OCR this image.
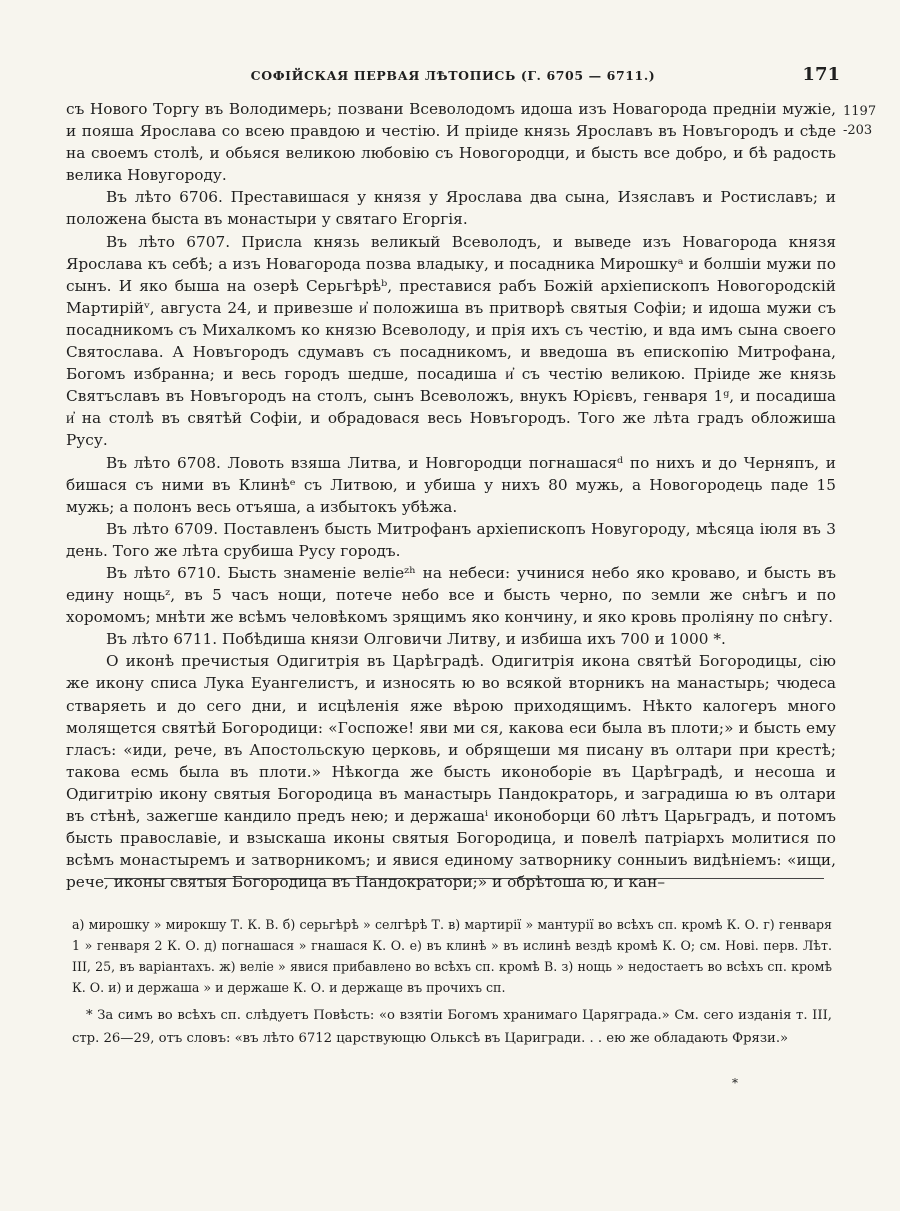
СОФІЙСКАЯ ПЕРВАЯ ЛѢТОПИСЬ (Г. 6705 — 6711.)	171
1197
-203

съ Нового Торгу въ Володимерь; позвани Всеволодомъ идоша изъ Новагорода предніи мужіе, и пояша Ярослава со всею правдою и честію. И пріиде князь Ярославъ въ Новъгородъ и сѣде на своемъ столѣ, и обьяся великою любовію съ Новогородци, и бысть все добро, и бѣ радость велика Новугороду.

Въ лѣто 6706. Преставишася у князя у Ярослава два сына, Изяславъ и Ростиславъ; и положена быста въ монастыри у святаго Егоргія.

Въ лѣто 6707. Присла князь великый Всеволодъ, и выведе изъ Новагорода князя Ярослава къ себѣ; а изъ Новагорода позва владыку, и посадника Мирошкуᵃ и болшіи мужи по сынъ. И яко быша на озерѣ Серьгѣрѣᵇ, преставися рабъ Божій архіепископъ Новогородскій Мартирійᵛ, августа 24, и привезше и҆ положиша въ притворѣ святыя Софіи; и идоша мужи съ посадникомъ съ Михалкомъ ко князю Всеволоду, и прія ихъ съ честію, и вда имъ сына своего Святослава. А Новъгородъ сдумавъ съ посадникомъ, и введоша въ епископію Митрофана, Богомъ избранна; и весь городъ шедше, посадиша и҆ съ честію великою. Пріиде же князь Святъславъ въ Новъгородъ на столъ, сынъ Всеволожъ, внукъ Юрієвъ, генваря 1ᵍ, и посадиша и҆ на столѣ въ святѣй Софіи, и обрадовася весь Новъгородъ. Того же лѣта градъ обложиша Русу.

Въ лѣто 6708. Ловоть взяша Литва, и Новгородци погнашасяᵈ по нихъ и до Черняпъ, и бишася съ ними въ Клинѣᵉ съ Литвою, и убиша у нихъ 80 мужь, а Новогородець паде 15 мужь; а полонъ весь отъяша, а избытокъ убѣжа.

Въ лѣто 6709. Поставленъ бысть Митрофанъ архіепископъ Новугороду, мѣсяца іюля въ 3 день. Того же лѣта срубиша Русу городъ.

Въ лѣто 6710. Бысть знаменіе веліеᶻʰ на небеси: учинися небо яко кроваво, и бысть въ едину нощьᶻ, въ 5 часъ нощи, потече небо все и бысть черно, по земли же снѣгъ и по хоромомъ; мнѣти же всѣмъ человѣкомъ зрящимъ яко кончину, и яко кровь проліяну по снѣгу.

Въ лѣто 6711. Побѣдиша князи Олговичи Литву, и избиша ихъ 700 и 1000 *.

О иконѣ пречистыя Одигитрія въ Царѣградѣ. Одигитрія икона святѣй Богородицы, сію же икону списа Лука Еуангелистъ, и износять ю во всякой вторникъ на манастырь; чюдеса стваряеть и до сего дни, и исцѣленія яже вѣрою приходящимъ. Нѣкто калогеръ много молящется святѣй Богородици: «Госпоже! яви ми ся, какова еси была въ плоти;» и бысть ему гласъ: «иди, рече, въ Апостольскую церковь, и обрящеши мя писану въ олтари при крестѣ; такова есмь была въ плоти.» Нѣкогда же бысть иконоборіе въ Царѣградѣ, и несоша и Одигитрію икону святыя Богородица въ манастырь Пандократорь, и заградиша ю въ олтари въ стѣнѣ, зажегше кандило предъ нею; и держашаⁱ иконоборци 60 лѣтъ Царьградъ, и потомъ бысть православіе, и взыскаша иконы святыя Богородица, и повелѣ патріархъ молитися по всѣмъ монастыремъ и затворникомъ; и явися единому затворнику сонныиъ видѣніемъ: «ищи, рече, иконы святыя Богородица въ Пандократори;» и обрѣтоша ю, и кан–

а) мирошку » мирокшу Т. К. В. б) серьгѣрѣ » селгѣрѣ Т. в) мартирії » мантурії во всѣхъ сп. кромѣ К. О. г) генваря 1 » генваря 2 К. О. д) погнашася » гнашася К. О. е) въ клинѣ » въ ислинѣ вездѣ кромѣ К. О; см. Нові. перв. Лѣт. III, 25, въ варіантахъ. ж) веліе » явися прибавлено во всѣхъ сп. кромѣ В. з) нощь » недостаетъ во всѣхъ сп. кромѣ К. О. и) и держаша » и держаше К. О. и держаще въ прочихъ сп.

* За симъ во всѣхъ сп. слѣдуетъ Повѣсть: «о взятіи Богомъ хранимаго Царяграда.» См. сего изданія т. III, стр. 26—29, отъ словъ: «въ лѣто 6712 царствующю Ольксѣ въ Царигради. . . ею же обладають Фрязи.»

*
